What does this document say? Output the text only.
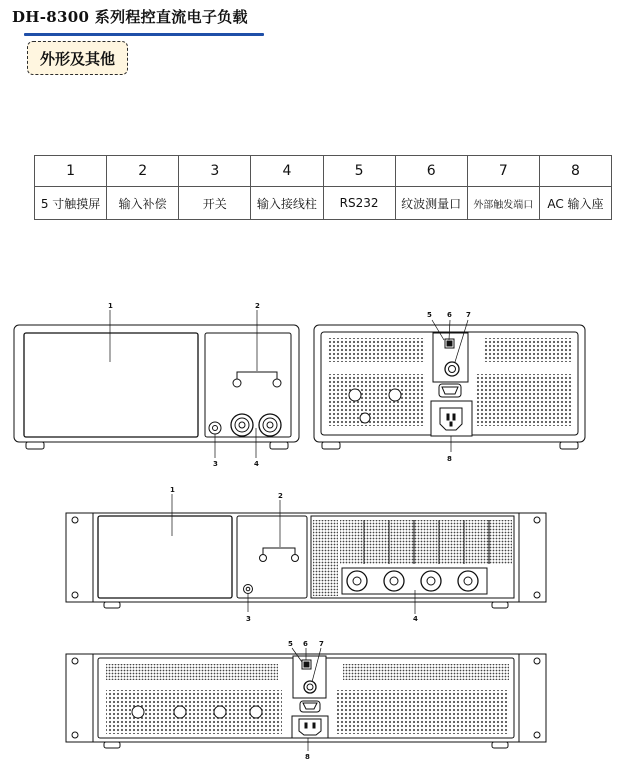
DH-8300 系列程控直流电子负载
外形及其他
1	2	3	4	5	6	7	8
5 寸触摸屏	输入补偿	开关	输入接线柱	RS232	纹波测量口	外部触发端口	AC 输入座
1	2
3	4
5 6 7
8
1
2
3	4
5 6 7
8
